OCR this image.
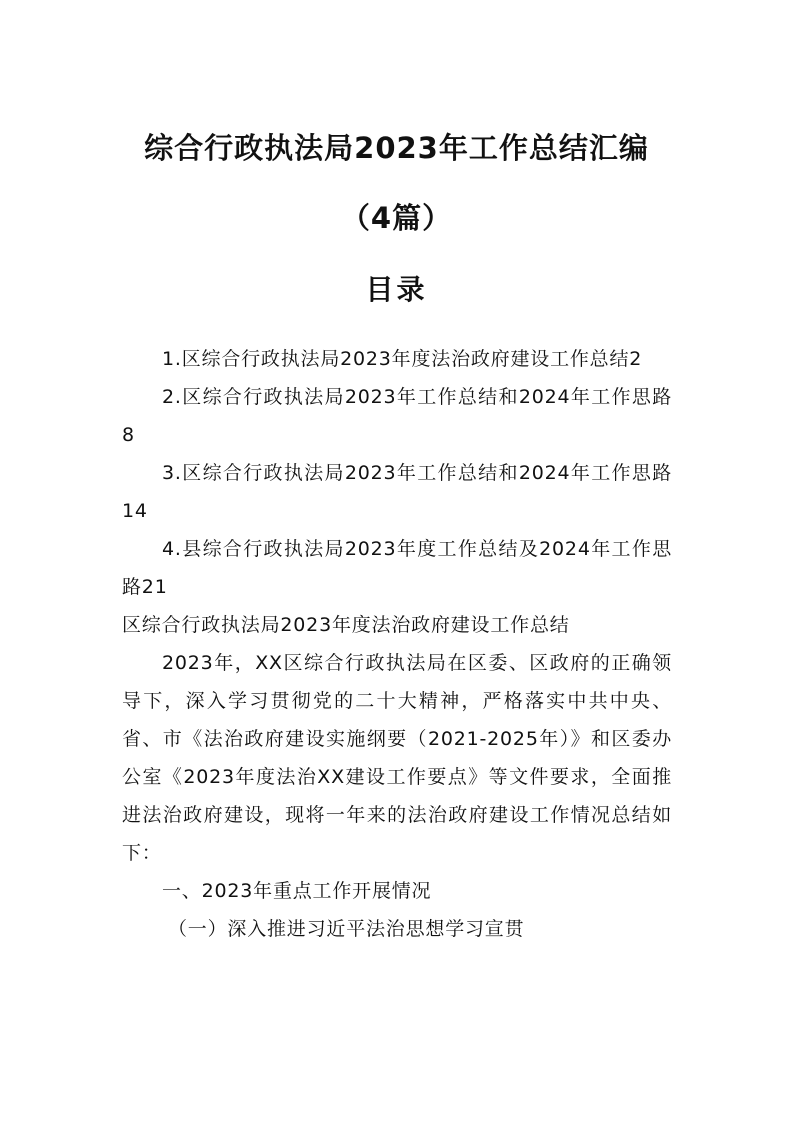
综合行政执法局2023年工作总结汇编
（4篇）
目录

1.区综合行政执法局2023年度法治政府建设工作总结2

2.区综合行政执法局2023年工作总结和2024年工作思路8

3.区综合行政执法局2023年工作总结和2024年工作思路14

4.县综合行政执法局2023年度工作总结及2024年工作思路21

区综合行政执法局2023年度法治政府建设工作总结

2023年，XX区综合行政执法局在区委、区政府的正确领导下，深入学习贯彻党的二十大精神，严格落实中共中央、省、市《法治政府建设实施纲要（2021-2025年）》和区委办公室《2023年度法治XX建设工作要点》等文件要求，全面推进法治政府建设，现将一年来的法治政府建设工作情况总结如下：

一、2023年重点工作开展情况

（一）深入推进习近平法治思想学习宣贯
